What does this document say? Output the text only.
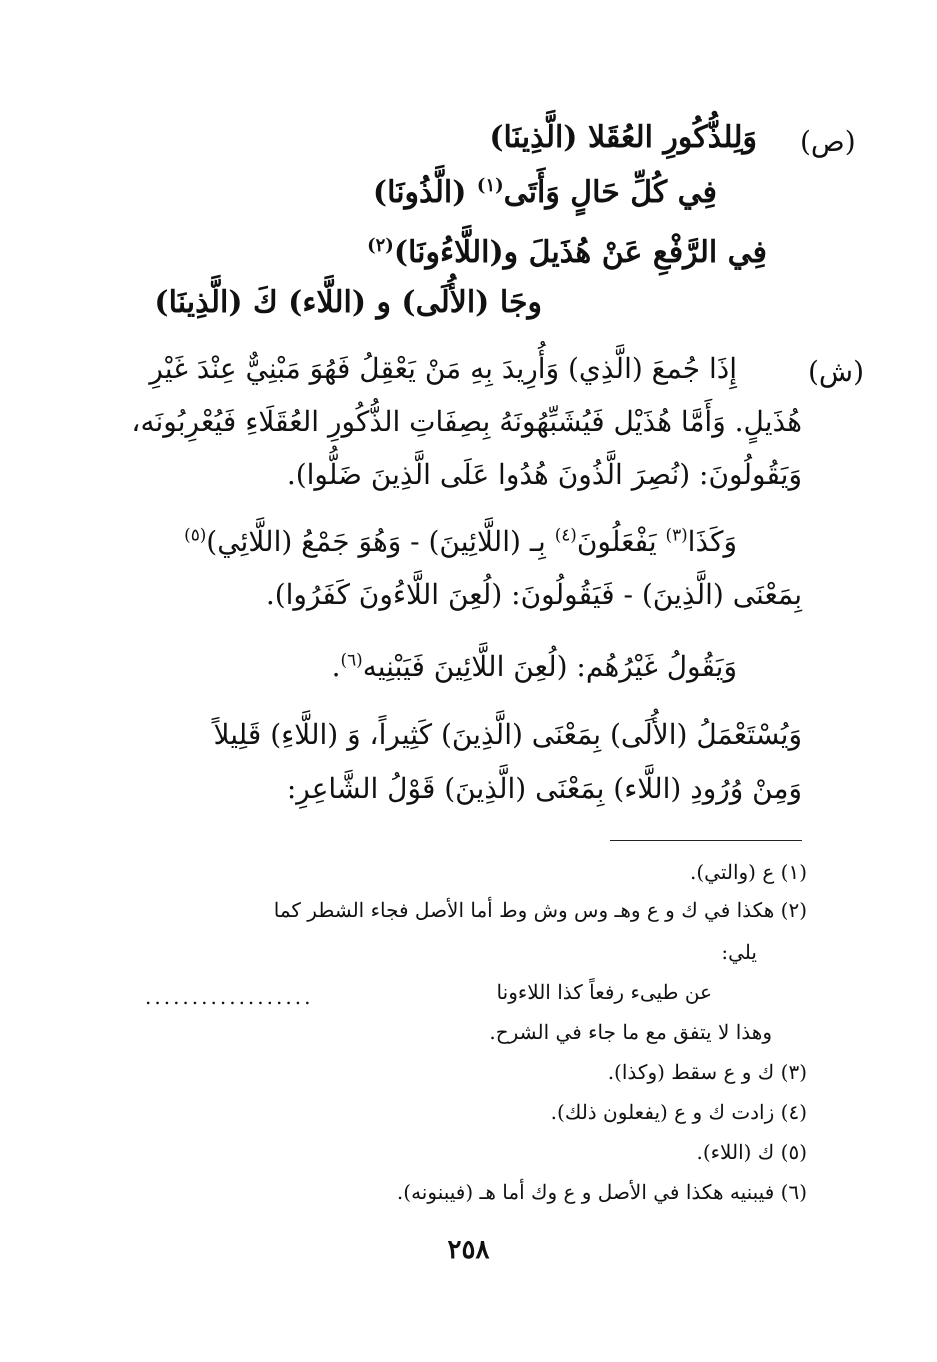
(ص)
وَلِلذُّكُورِ العُقَلا (الَّذِينَا)
فِي كُلِّ حَالٍ وَأَتَى$^{(١)}$ (الَّذُونَا)
فِي الرَّفْعِ عَنْ هُذَيلَ و(اللَّاءُونَا)$^{(٢)}$
وجَا (الأُلَى) و (اللَّاء) كَ (الَّذِينَا)
(ش)
إِذَا جُمعَ (الَّذِي) وَأُرِيدَ بِهِ مَنْ يَعْقِلُ فَهُوَ مَبْنِيٌّ عِنْدَ غَيْرِ
هُذَيلٍ. وَأَمَّا هُذَيْل فَيُشَبِّهُونَهُ بِصِفَاتِ الذُّكُورِ العُقَلَاءِ فَيُعْرِبُونَه،
وَيَقُولُونَ: (نُصِرَ الَّذُونَ هُدُوا عَلَى الَّذِينَ ضَلُّوا).
وَكَذَا$^{(٣)}$ يَفْعَلُونَ$^{(٤)}$ بِـ (اللَّائِينَ) - وَهُوَ جَمْعُ (اللَّائِي)$^{(٥)}$
بِمَعْنَى (الَّذِينَ) - فَيَقُولُونَ: (لُعِنَ اللَّاءُونَ كَفَرُوا).
وَيَقُولُ غَيْرُهُم: (لُعِنَ اللَّائِينَ فَيَبْنِيه$^{(٦)}$.
وَيُسْتَعْمَلُ (الأُلَى) بِمَعْنَى (الَّذِينَ) كَثِيراً، وَ (اللَّاءِ) قَلِيلاً
وَمِنْ وُرُودِ (اللَّاء) بِمَعْنَى (الَّذِينَ) قَوْلُ الشَّاعِرِ:
(١) ع (والتي).
(٢) هكذا في ك و ع وهـ وس وش وط أما الأصل فجاء الشطر كما
يلي:
عن طيىء رفعاً كذا اللاءونا
..................
وهذا لا يتفق مع ما جاء في الشرح.
(٣) ك و ع سقط (وكذا).
(٤) زادت ك و ع (يفعلون ذلك).
(٥) ك (اللاء).
(٦) فيبنيه هكذا في الأصل و ع وك أما هـ (فيبنونه).
٢٥٨
